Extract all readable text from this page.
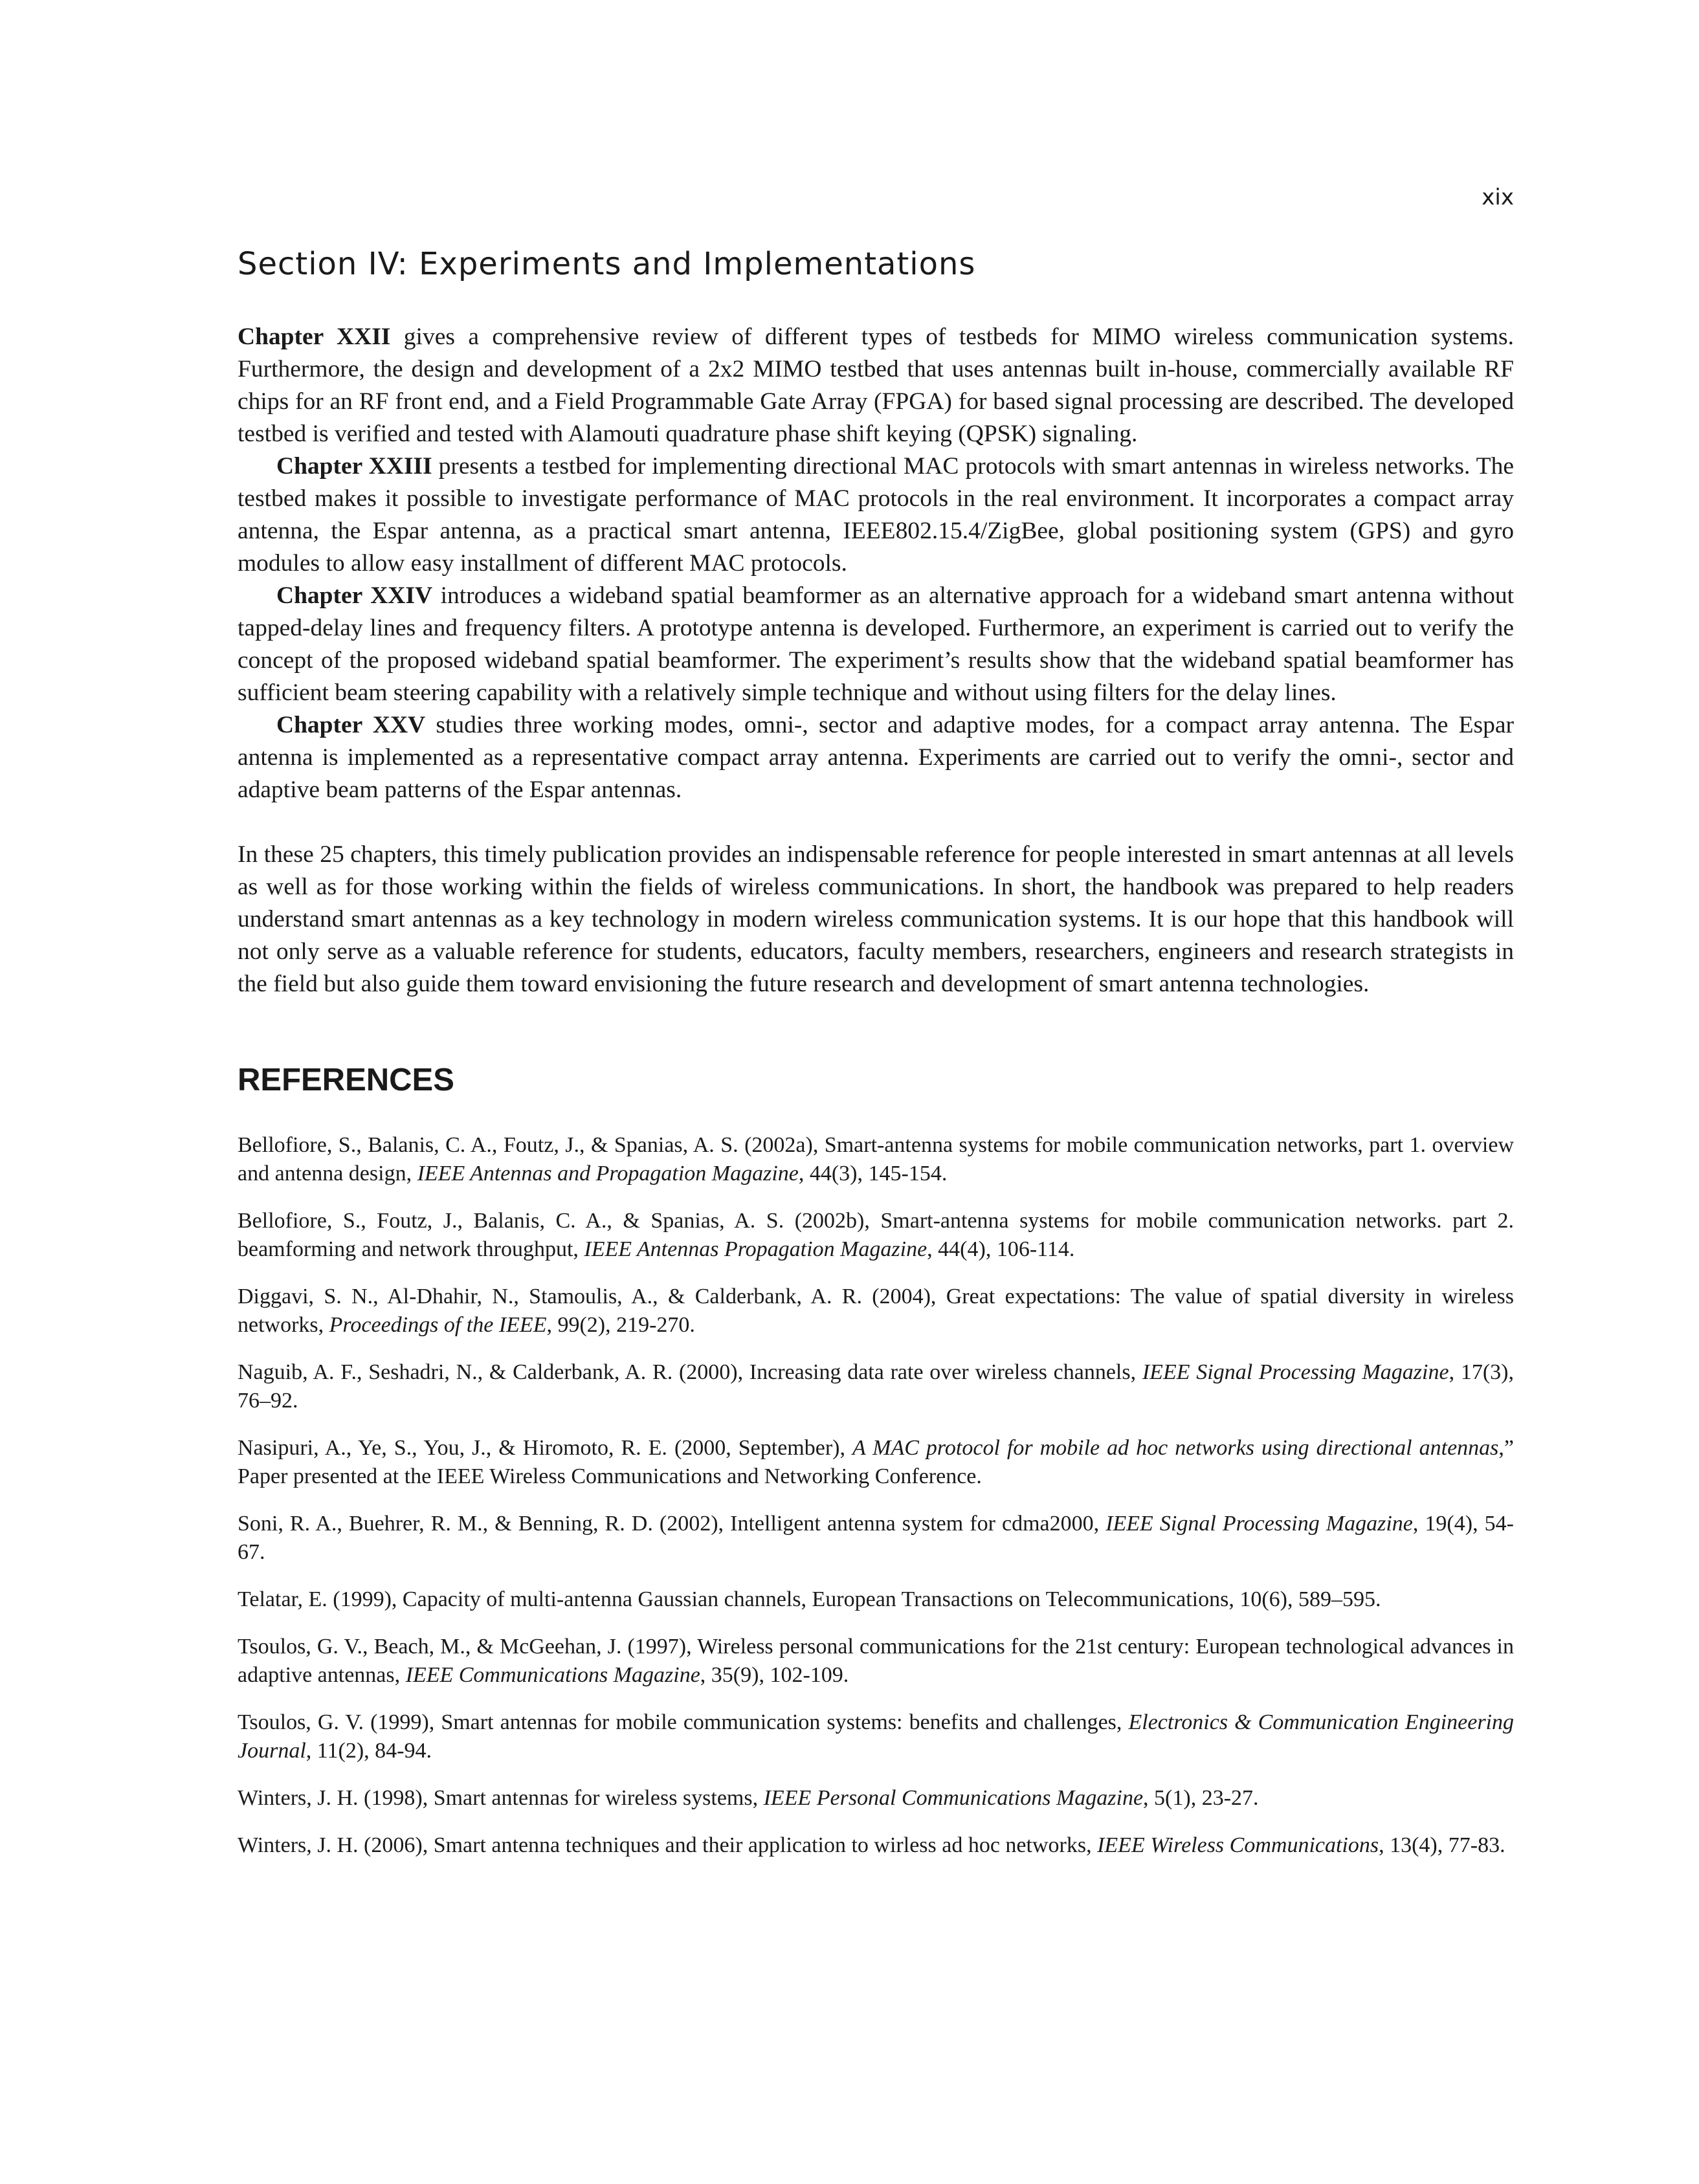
xix

Section IV: Experiments and Implementations

Chapter XXII gives a comprehensive review of different types of testbeds for MIMO wireless communication systems. Furthermore, the design and development of a 2x2 MIMO testbed that uses antennas built in-house, commercially available RF chips for an RF front end, and a Field Programmable Gate Array (FPGA) for based signal processing are described. The developed testbed is verified and tested with Alamouti quadrature phase shift keying (QPSK) signaling.

Chapter XXIII presents a testbed for implementing directional MAC protocols with smart antennas in wireless networks. The testbed makes it possible to investigate performance of MAC protocols in the real environment. It incorporates a compact array antenna, the Espar antenna, as a practical smart antenna, IEEE802.15.4/ZigBee, global positioning system (GPS) and gyro modules to allow easy installment of different MAC protocols.

Chapter XXIV introduces a wideband spatial beamformer as an alternative approach for a wideband smart antenna without tapped-delay lines and frequency filters. A prototype antenna is developed. Furthermore, an experiment is carried out to verify the concept of the proposed wideband spatial beamformer. The experiment’s results show that the wideband spatial beamformer has sufficient beam steering capability with a relatively simple technique and without using filters for the delay lines.

Chapter XXV studies three working modes, omni-, sector and adaptive modes, for a compact array antenna. The Espar antenna is implemented as a representative compact array antenna. Experiments are carried out to verify the omni-, sector and adaptive beam patterns of the Espar antennas.

In these 25 chapters, this timely publication provides an indispensable reference for people interested in smart antennas at all levels as well as for those working within the fields of wireless communications. In short, the handbook was prepared to help readers understand smart antennas as a key technology in modern wireless communication systems. It is our hope that this handbook will not only serve as a valuable reference for students, educators, faculty members, researchers, engineers and research strategists in the field but also guide them toward envisioning the future research and development of smart antenna technologies.

REFERENCES
Bellofiore, S., Balanis, C. A., Foutz, J., & Spanias, A. S. (2002a), Smart-antenna systems for mobile communication networks, part 1. overview and antenna design, IEEE Antennas and Propagation Magazine, 44(3), 145-154.
Bellofiore, S., Foutz, J., Balanis, C. A., & Spanias, A. S. (2002b), Smart-antenna systems for mobile communication networks. part 2. beamforming and network throughput, IEEE Antennas Propagation Magazine, 44(4), 106-114.
Diggavi, S. N., Al-Dhahir, N., Stamoulis, A., & Calderbank, A. R. (2004), Great expectations: The value of spatial diversity in wireless networks, Proceedings of the IEEE, 99(2), 219-270.
Naguib, A. F., Seshadri, N., & Calderbank, A. R. (2000), Increasing data rate over wireless channels, IEEE Signal Processing Magazine, 17(3), 76–92.
Nasipuri, A., Ye, S., You, J., & Hiromoto, R. E. (2000, September), A MAC protocol for mobile ad hoc networks using directional antennas,” Paper presented at the IEEE Wireless Communications and Networking Conference.
Soni, R. A., Buehrer, R. M., & Benning, R. D. (2002), Intelligent antenna system for cdma2000, IEEE Signal Processing Magazine, 19(4), 54-67.
Telatar, E. (1999), Capacity of multi-antenna Gaussian channels, European Transactions on Telecommunications, 10(6), 589–595.
Tsoulos, G. V., Beach, M., & McGeehan, J. (1997), Wireless personal communications for the 21st century: European technological advances in adaptive antennas, IEEE Communications Magazine, 35(9), 102-109.
Tsoulos, G. V. (1999), Smart antennas for mobile communication systems: benefits and challenges, Electronics & Communication Engineering Journal, 11(2), 84-94.
Winters, J. H. (1998), Smart antennas for wireless systems, IEEE Personal Communications Magazine, 5(1), 23-27.
Winters, J. H. (2006), Smart antenna techniques and their application to wirless ad hoc networks, IEEE Wireless Communications, 13(4), 77-83.
